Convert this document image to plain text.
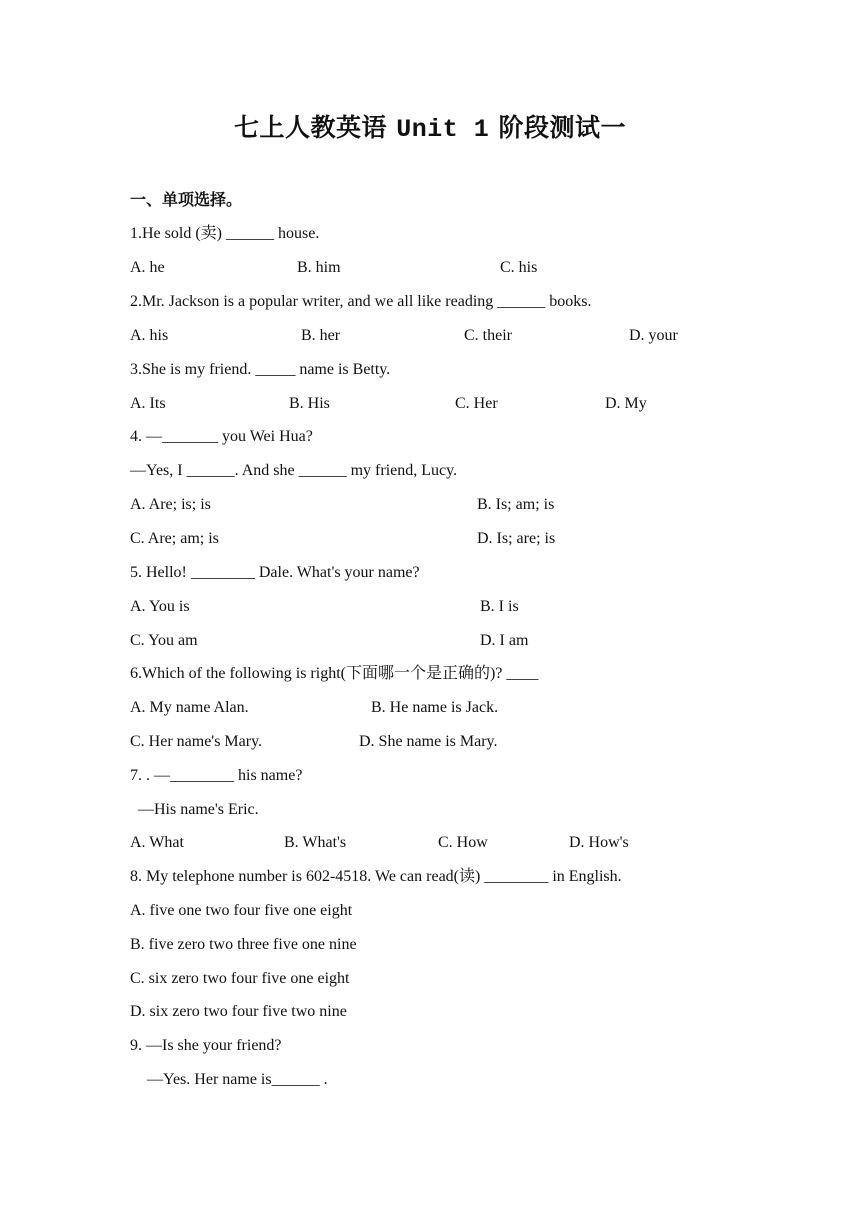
七上人教英语 Unit 1 阶段测试一
一、单项选择。
1.He sold (卖) ______ house.
A. he	B. him	C. his
2.Mr. Jackson is a popular writer, and we all like reading ______ books.
A. his	B. her	C. their	D. your
3.She is my friend. _____ name is Betty.
A. Its	B. His	C. Her	D. My
4. —_______ you Wei Hua?
—Yes, I ______. And she ______ my friend, Lucy.
A. Are; is; is	B. Is; am; is
C. Are; am; is	D. Is; are; is
5. Hello! ________ Dale. What's your name?
A. You is	B. I is
C. You am	D. I am
6.Which of the following is right(下面哪一个是正确的)? ____
A. My name Alan.	B. He name is Jack.
C. Her name's Mary.	D. She name is Mary.
7. . —________ his name?
—His name's Eric.
A. What	B. What's	C. How	D. How's
8. My telephone number is 602-4518. We can read(读) ________ in English.
A. five one two four five one eight
B. five zero two three five one nine
C. six zero two four five one eight
D. six zero two four five two nine
9. —Is she your friend?
—Yes. Her name is______ .
